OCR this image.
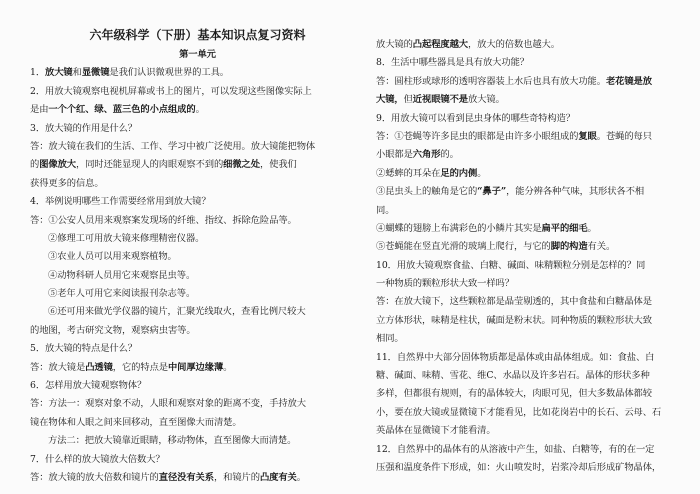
六年级科学（下册）基本知识点复习资料
第一单元
1．放大镜和显微镜是我们认识微观世界的工具。
2．用放大镜观察电视机屏幕或书上的图片，可以发现这些图像实际上
是由一个个红、绿、蓝三色的小点组成的。
3．放大镜的作用是什么？
答：放大镜在我们的生活、工作、学习中被广泛使用。放大镜能把物体
的图像放大，同时还能显现人的肉眼观察不到的细微之处，使我们
获得更多的信息。
4．举例说明哪些工作需要经常用到放大镜？
答：①公安人员用来观察案发现场的纤维、指纹、拆除危险品等。
②修理工可用放大镜来修理精密仪器。
③农业人员可以用来观察植物。
④动物科研人员用它来观察昆虫等。
⑤老年人可用它来阅读报刊杂志等。
⑥还可用来做光学仪器的镜片，汇聚光线取火，查看比例尺较大
的地图，考古研究文物，观察病虫害等。
5．放大镜的特点是什么？
答：放大镜是凸透镜，它的特点是中间厚边缘薄。
6．怎样用放大镜观察物体？
答：方法一：观察对象不动，人眼和观察对象的距离不变，手持放大
镜在物体和人眼之间来回移动，直至图像大而清楚。
方法二：把放大镜靠近眼睛，移动物体，直至图像大而清楚。
7．什么样的放大镜放大倍数大？
答：放大镜的放大倍数和镜片的直径没有关系，和镜片的凸度有关。
放大镜的凸起程度越大，放大的倍数也越大。
8．生活中哪些器具是具有放大功能？
答：圆柱形或球形的透明容器装上水后也具有放大功能。老花镜是放
大镜，但近视眼镜不是放大镜。
9．用放大镜可以看到昆虫身体的哪些奇特构造？
答：①苍蝇等许多昆虫的眼都是由许多小眼组成的复眼。苍蝇的每只
小眼都是六角形的。
②蟋蟀的耳朵在足的内侧。
③昆虫头上的触角是它的“鼻子”，能分辨各种气味，其形状各不相
同。
④蝴蝶的翅膀上布满彩色的小鳞片其实是扁平的细毛。
⑤苍蝇能在竖直光滑的玻璃上爬行，与它的脚的构造有关。
10．用放大镜观察食盐、白糖、碱面、味精颗粒分别是怎样的？同
一种物质的颗粒形状大致一样吗？
答：在放大镜下，这些颗粒都是晶莹剔透的，其中食盐和白糖晶体是
立方体形状，味精是柱状，碱面是粉末状。同种物质的颗粒形状大致
相同。
11．自然界中大部分固体物质都是晶体或由晶体组成。如：食盐、白
糖、碱面、味精、雪花、维C、水晶以及许多岩石。晶体的形状多种
多样，但都很有规则，有的晶体较大，肉眼可见，但大多数晶体都较
小，要在放大镜或显微镜下才能看见，比如花岗岩中的长石、云母、石
英晶体在显微镜下才能看清。
12．自然界中的晶体有的从溶液中产生，如盐、白糖等，有的在一定
压强和温度条件下形成，如：火山喷发时，岩浆冷却后形成矿物晶体，
